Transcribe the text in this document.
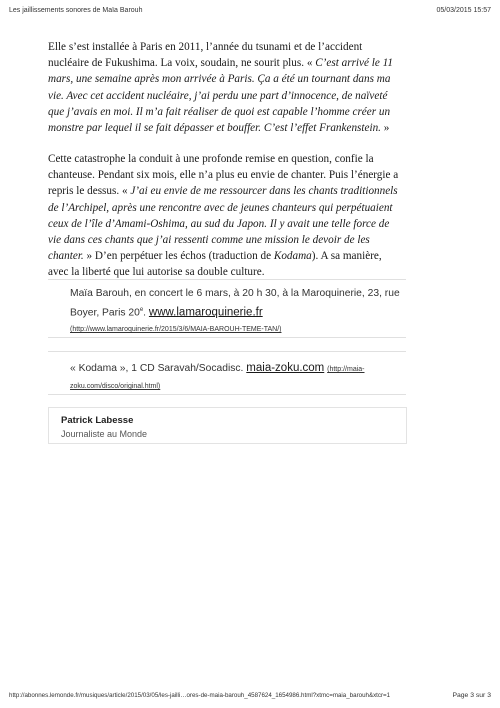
Les jaillissements sonores de Maïa Barouh	05/03/2015 15:57

Elle s’est installée à Paris en 2011, l’année du tsunami et de l’accident nucléaire de Fukushima. La voix, soudain, ne sourit plus. « C’est arrivé le 11 mars, une semaine après mon arrivée à Paris. Ça a été un tournant dans ma vie. Avec cet accident nucléaire, j’ai perdu une part d’innocence, de naïveté que j’avais en moi. Il m’a fait réaliser de quoi est capable l’homme créer un monstre par lequel il se fait dépasser et bouffer. C’est l’effet Frankenstein. »

Cette catastrophe la conduit à une profonde remise en question, confie la chanteuse. Pendant six mois, elle n’a plus eu envie de chanter. Puis l’énergie a repris le dessus. « J’ai eu envie de me ressourcer dans les chants traditionnels de l’Archipel, après une rencontre avec de jeunes chanteurs qui perpétuaient ceux de l’île d’Amami-Oshima, au sud du Japon. Il y avait une telle force de vie dans ces chants que j’ai ressenti comme une mission le devoir de les chanter. » D’en perpétuer les échos (traduction de Kodama). A sa manière, avec la liberté que lui autorise sa double culture.

Maïa Barouh, en concert le 6 mars, à 20 h 30, à la Maroquinerie, 23, rue Boyer, Paris 20e. www.lamaroquinerie.fr (http://www.lamaroquinerie.fr/2015/3/6/MAIA-BAROUH-TEME-TAN/)
« Kodama », 1 CD Saravah/Socadisc. maia-zoku.com (http://maia-zoku.com/disco/original.html)
Patrick Labesse
Journaliste au Monde
http://abonnes.lemonde.fr/musiques/article/2015/03/05/les-jailli…ores-de-maia-barouh_4587624_1654986.html?xtmc=maia_barouh&xtcr=1	Page 3 sur 3
